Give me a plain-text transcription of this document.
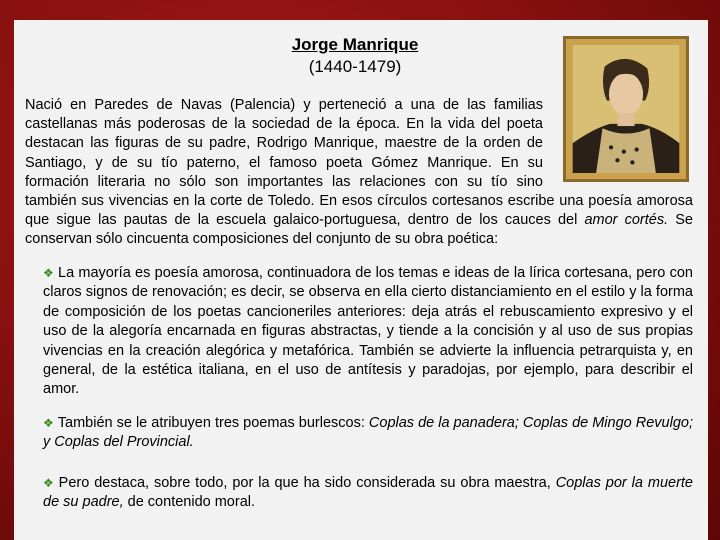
Jorge Manrique
(1440-1479)
Nació en Paredes de Navas (Palencia) y perteneció a una de las familias castellanas más poderosas de la sociedad de la época. En la vida del poeta destacan las figuras de su padre, Rodrigo Manrique, maestre de la orden de Santiago, y de su tío paterno, el famoso poeta Gómez Manrique. En su formación literaria no sólo son importantes las relaciones con su tío sino también sus vivencias en la corte de Toledo. En esos círculos cortesanos escribe una poesía amorosa que sigue las pautas de la escuela galaico-portuguesa, dentro de los cauces del amor cortés. Se conservan sólo cincuenta composiciones del conjunto de su obra poética:
❖ La mayoría es poesía amorosa, continuadora de los temas e ideas de la lírica cortesana, pero con claros signos de renovación; es decir, se observa en ella cierto distanciamiento en el estilo y la forma de composición de los poetas cancioneriles anteriores: deja atrás el rebuscamiento expresivo y el uso de la alegoría encarnada en figuras abstractas, y tiende a la concisión y al uso de sus propias vivencias en la creación alegórica y metafórica. También se advierte la influencia petrarquista y, en general, de la estética italiana, en el uso de antítesis y paradojas, por ejemplo, para describir el amor.
❖ También se le atribuyen tres poemas burlescos: Coplas de la panadera; Coplas de Mingo Revulgo; y Coplas del Provincial.
❖ Pero destaca, sobre todo, por la que ha sido considerada su obra maestra, Coplas por la muerte de su padre, de contenido moral.
